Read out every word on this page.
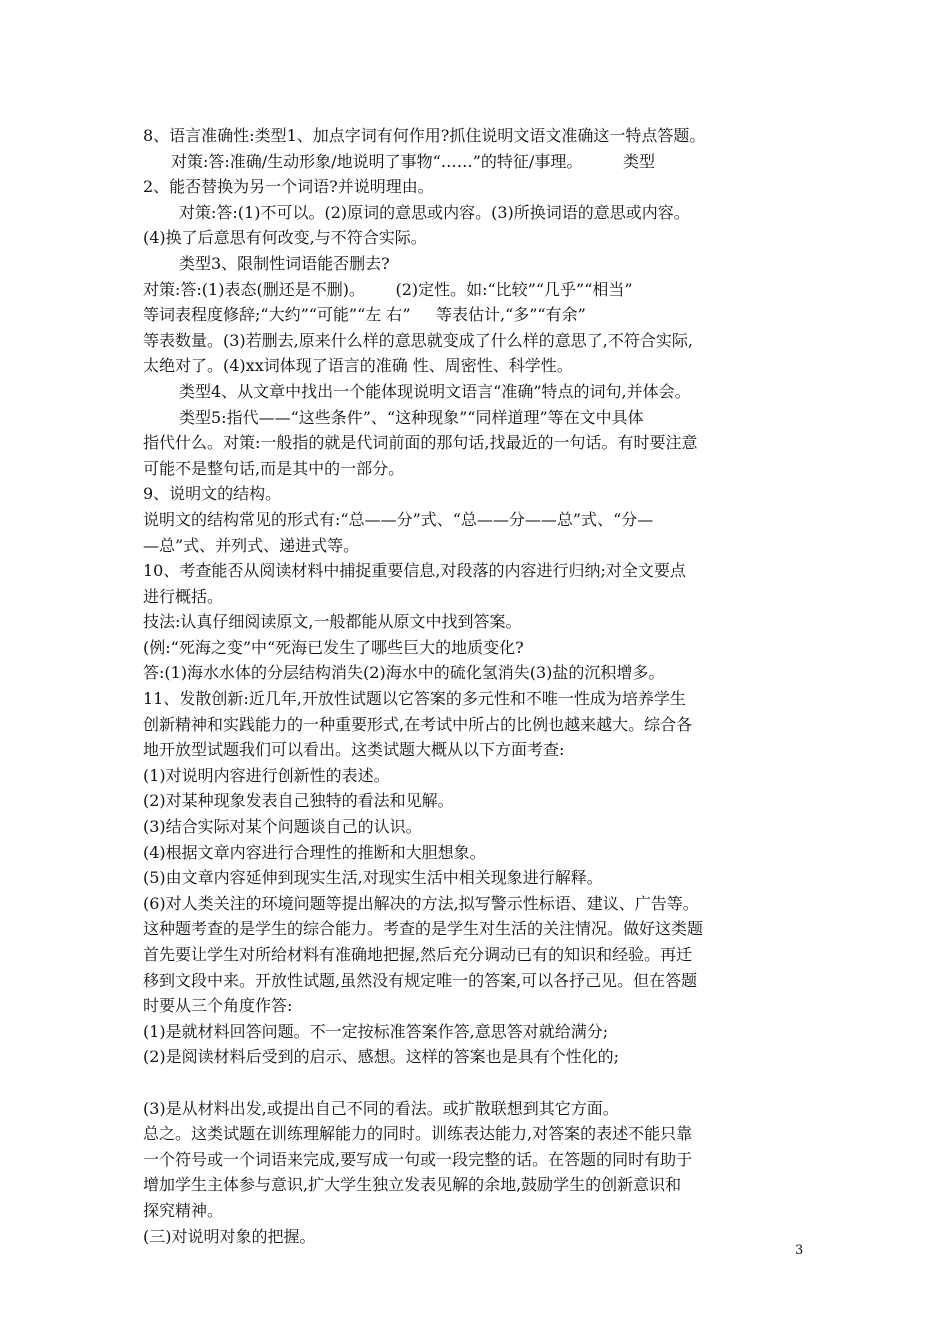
8、语言准确性:类型1、加点字词有何作用?抓住说明文语文准确这一特点答题。
对策:答:准确/生动形象/地说明了事物“……”的特征/事理。        类型
2、能否替换为另一个词语?并说明理由。
对策:答:(1)不可以。(2)原词的意思或内容。(3)所换词语的意思或内容。
(4)换了后意思有何改变,与不符合实际。
类型3、限制性词语能否删去?
对策:答:(1)表态(删还是不删)。      (2)定性。如:“比较”“几乎”“相当”
等词表程度修辞;“大约”“可能”“左 右”     等表估计,“多”“有余”
等表数量。(3)若删去,原来什么样的意思就变成了什么样的意思了,不符合实际,
太绝对了。(4)xx词体现了语言的准确 性、周密性、科学性。
类型4、从文章中找出一个能体现说明文语言“准确”特点的词句,并体会。
类型5:指代——“这些条件”、“这种现象”“同样道理”等在文中具体
指代什么。对策:一般指的就是代词前面的那句话,找最近的一句话。有时要注意
可能不是整句话,而是其中的一部分。
9、说明文的结构。
说明文的结构常见的形式有:“总——分”式、“总——分——总”式、“分—
—总”式、并列式、递进式等。
10、考查能否从阅读材料中捕捉重要信息,对段落的内容进行归纳;对全文要点
进行概括。
技法:认真仔细阅读原文,一般都能从原文中找到答案。
(例:“死海之变”中“死海已发生了哪些巨大的地质变化?
答:(1)海水水体的分层结构消失(2)海水中的硫化氢消失(3)盐的沉积增多。
11、发散创新:近几年,开放性试题以它答案的多元性和不唯一性成为培养学生
创新精神和实践能力的一种重要形式,在考试中所占的比例也越来越大。综合各
地开放型试题我们可以看出。这类试题大概从以下方面考查:
(1)对说明内容进行创新性的表述。
(2)对某种现象发表自己独特的看法和见解。
(3)结合实际对某个问题谈自己的认识。
(4)根据文章内容进行合理性的推断和大胆想象。
(5)由文章内容延伸到现实生活,对现实生活中相关现象进行解释。
(6)对人类关注的环境问题等提出解决的方法,拟写警示性标语、建议、广告等。
这种题考查的是学生的综合能力。考查的是学生对生活的关注情况。做好这类题
首先要让学生对所给材料有准确地把握,然后充分调动已有的知识和经验。再迁
移到文段中来。开放性试题,虽然没有规定唯一的答案,可以各抒己见。但在答题
时要从三个角度作答:
(1)是就材料回答问题。不一定按标准答案作答,意思答对就给满分;
(2)是阅读材料后受到的启示、感想。这样的答案也是具有个性化的;
(3)是从材料出发,或提出自己不同的看法。或扩散联想到其它方面。
总之。这类试题在训练理解能力的同时。训练表达能力,对答案的表述不能只靠
一个符号或一个词语来完成,要写成一句或一段完整的话。在答题的同时有助于
增加学生主体参与意识,扩大学生独立发表见解的余地,鼓励学生的创新意识和
探究精神。
(三)对说明对象的把握。
3
